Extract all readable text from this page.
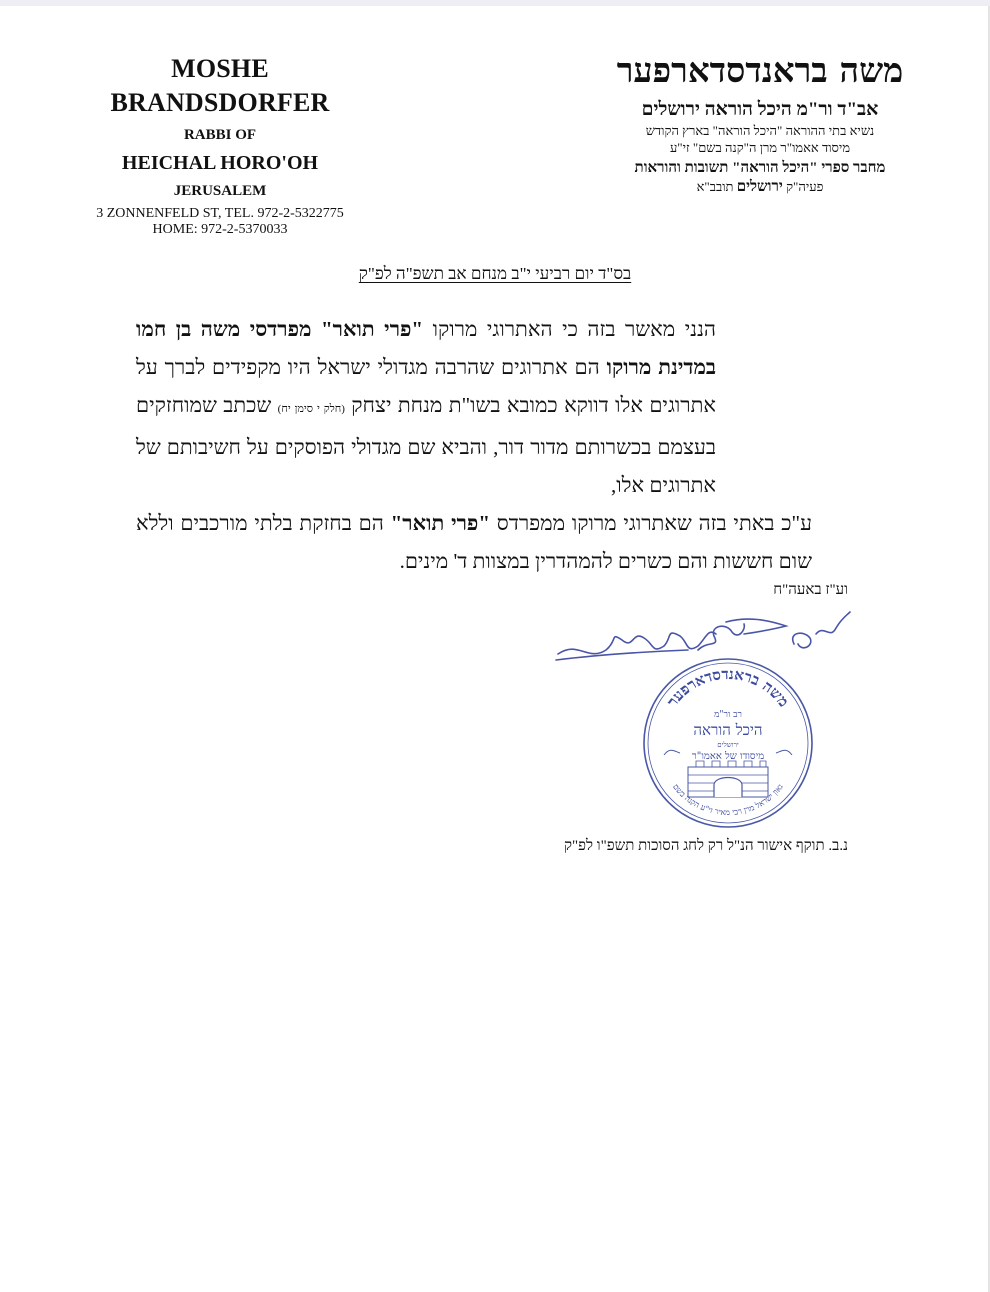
MOSHE BRANDSDORFER
RABBI OF
HEICHAL HORO'OH
JERUSALEM
3 ZONNENFELD ST, TEL. 972-2-5322775
HOME: 972-2-5370033
משה בראנדסדארפער
אב"ד ור"מ היכל הוראה ירושלים
נשיא בתי ההוראה "היכל הוראה" בארץ הקודש
מיסוד אאמו"ר מרן ה"קנה בשם" זי"ע
מחבר ספרי "היכל הוראה" תשובות והוראות
פעיה"ק ירושלים תובב"א
בס"ד יום רביעי י"ב מנחם אב תשפ"ה לפ"ק

הנני מאשר בזה כי האתרוגי מרוקו "פרי תואר" מפרדסי משה בן חמו במדינת מרוקו הם אתרוגים שהרבה מגדולי ישראל היו מקפידים לברך על אתרוגים אלו דווקא כמובא בשו"ת מנחת יצחק (חלק י סימן יח) שכתב שמוחזקים בעצמם בכשרותם מדור דור, והביא שם מגדולי הפוסקים על חשיבותם של אתרוגים אלו,

ע"כ באתי בזה שאתרוגי מרוקו ממפרדס "פרי תואר" הם בחזקת בלתי מורכבים וללא שום חששות והם כשרים להמהדרין במצוות ד' מינים.

וע"ז באעה"ח
משה בראנדסדארפער
רב ור"מ
היכל הוראה
ירושלים
מיסודו של אאמו"ר
גאון ישראל מרן רבי מאיר זי"ע הקנה בשם
נ.ב. תוקף אישור הנ"ל רק לחג הסוכות תשפ"ו לפ"ק
